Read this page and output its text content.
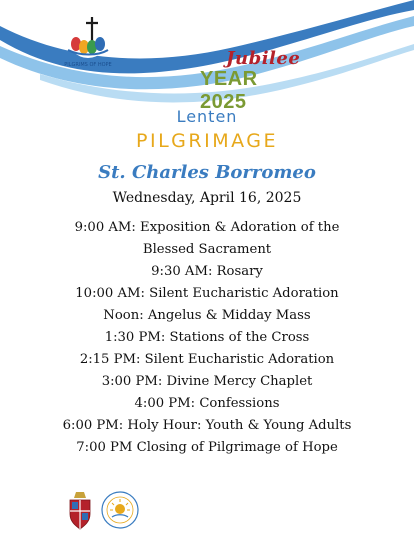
PILGRIMS OF HOPE	Jubilee
YEAR 2025
Lenten
PILGRIMAGE
St. Charles Borromeo
Wednesday, April 16, 2025
9:00 AM: Exposition & Adoration of the Blessed Sacrament
9:30 AM: Rosary
10:00 AM: Silent Eucharistic Adoration
Noon: Angelus & Midday Mass
1:30 PM: Stations of the Cross
2:15 PM: Silent Eucharistic Adoration
3:00 PM: Divine Mercy Chaplet
4:00 PM: Confessions
6:00 PM: Holy Hour: Youth & Young Adults
7:00 PM Closing of Pilgrimage of Hope
